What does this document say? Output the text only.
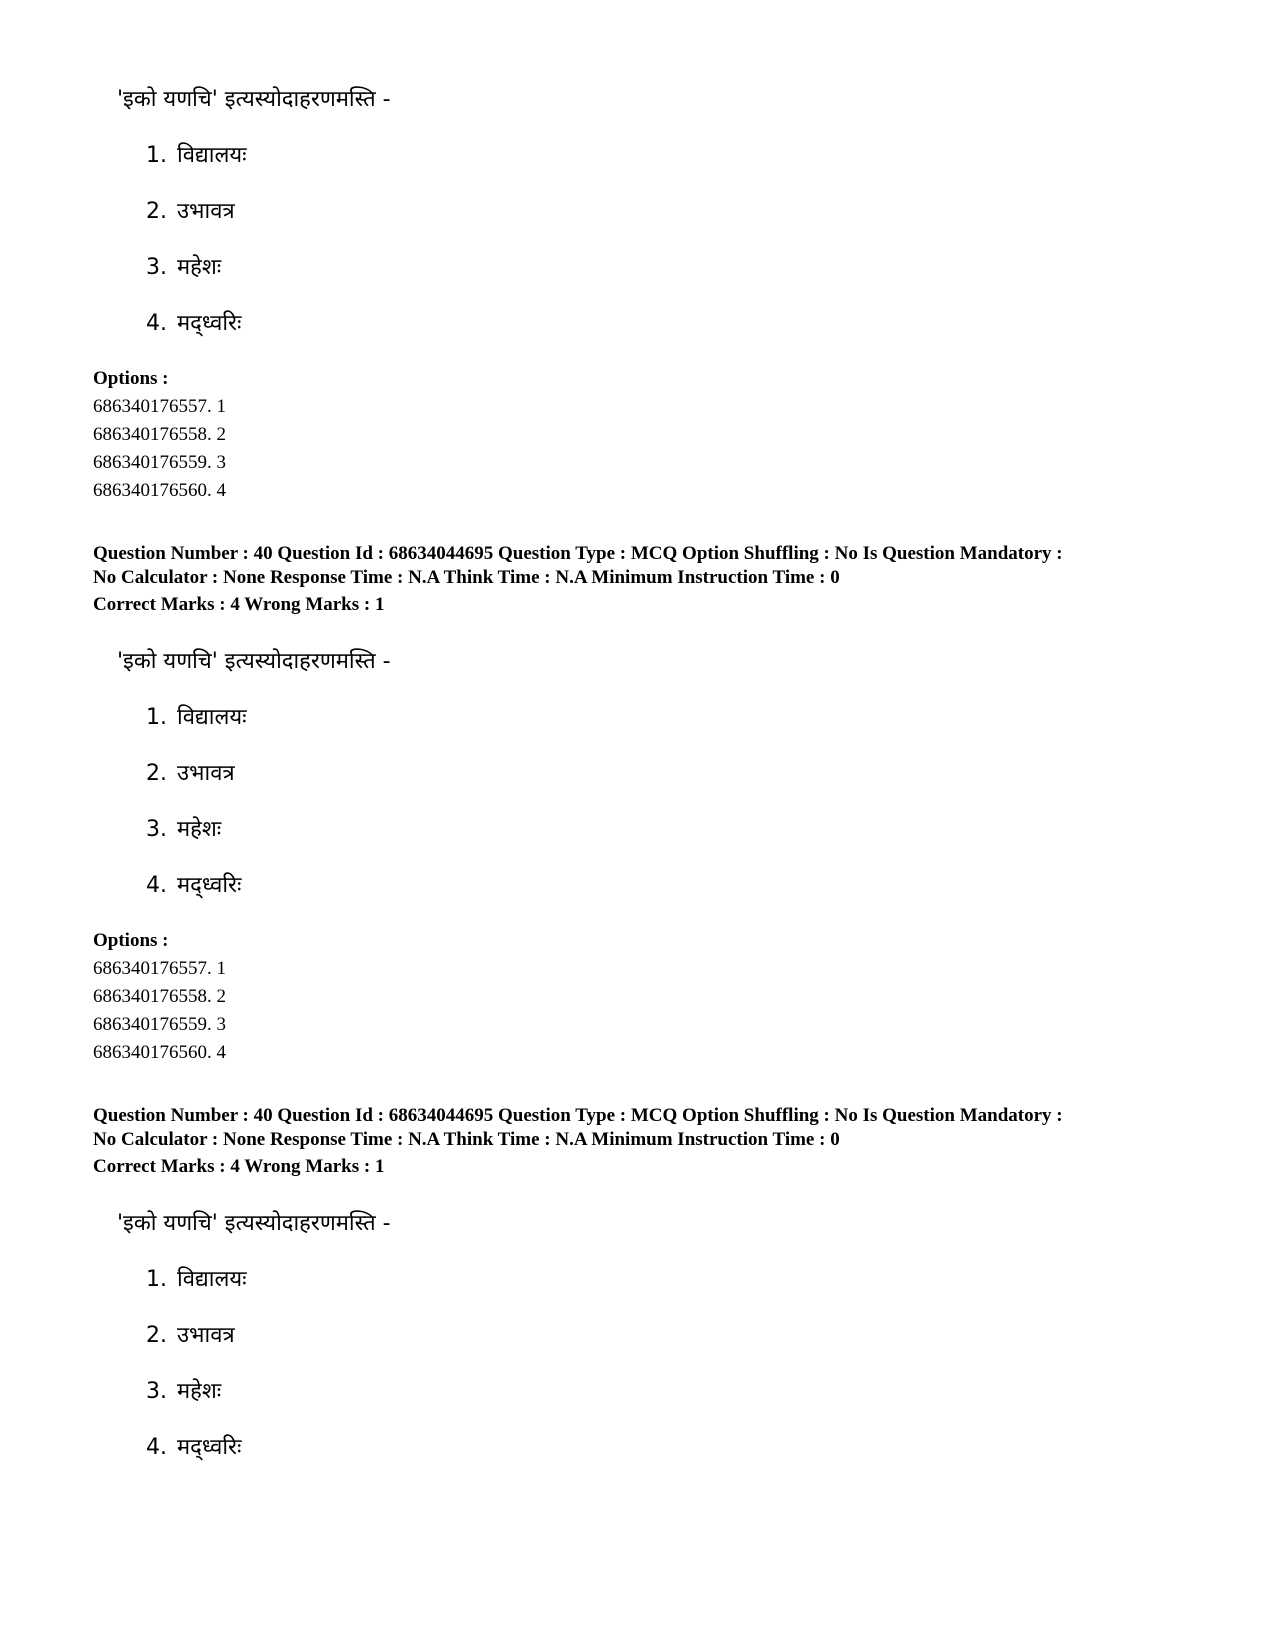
'इको यणचि' इत्यस्योदाहरणमस्ति -
1. विद्यालयः
2. उभावत्र
3. महेशः
4. मद्ध्वरिः
Options :
686340176557. 1
686340176558. 2
686340176559. 3
686340176560. 4
Question Number : 40 Question Id : 68634044695 Question Type : MCQ Option Shuffling : No Is Question Mandatory :
No Calculator : None Response Time : N.A Think Time : N.A Minimum Instruction Time : 0
Correct Marks : 4 Wrong Marks : 1
'इको यणचि' इत्यस्योदाहरणमस्ति -
1. विद्यालयः
2. उभावत्र
3. महेशः
4. मद्ध्वरिः
Options :
686340176557. 1
686340176558. 2
686340176559. 3
686340176560. 4
Question Number : 40 Question Id : 68634044695 Question Type : MCQ Option Shuffling : No Is Question Mandatory :
No Calculator : None Response Time : N.A Think Time : N.A Minimum Instruction Time : 0
Correct Marks : 4 Wrong Marks : 1
'इको यणचि' इत्यस्योदाहरणमस्ति -
1. विद्यालयः
2. उभावत्र
3. महेशः
4. मद्ध्वरिः
